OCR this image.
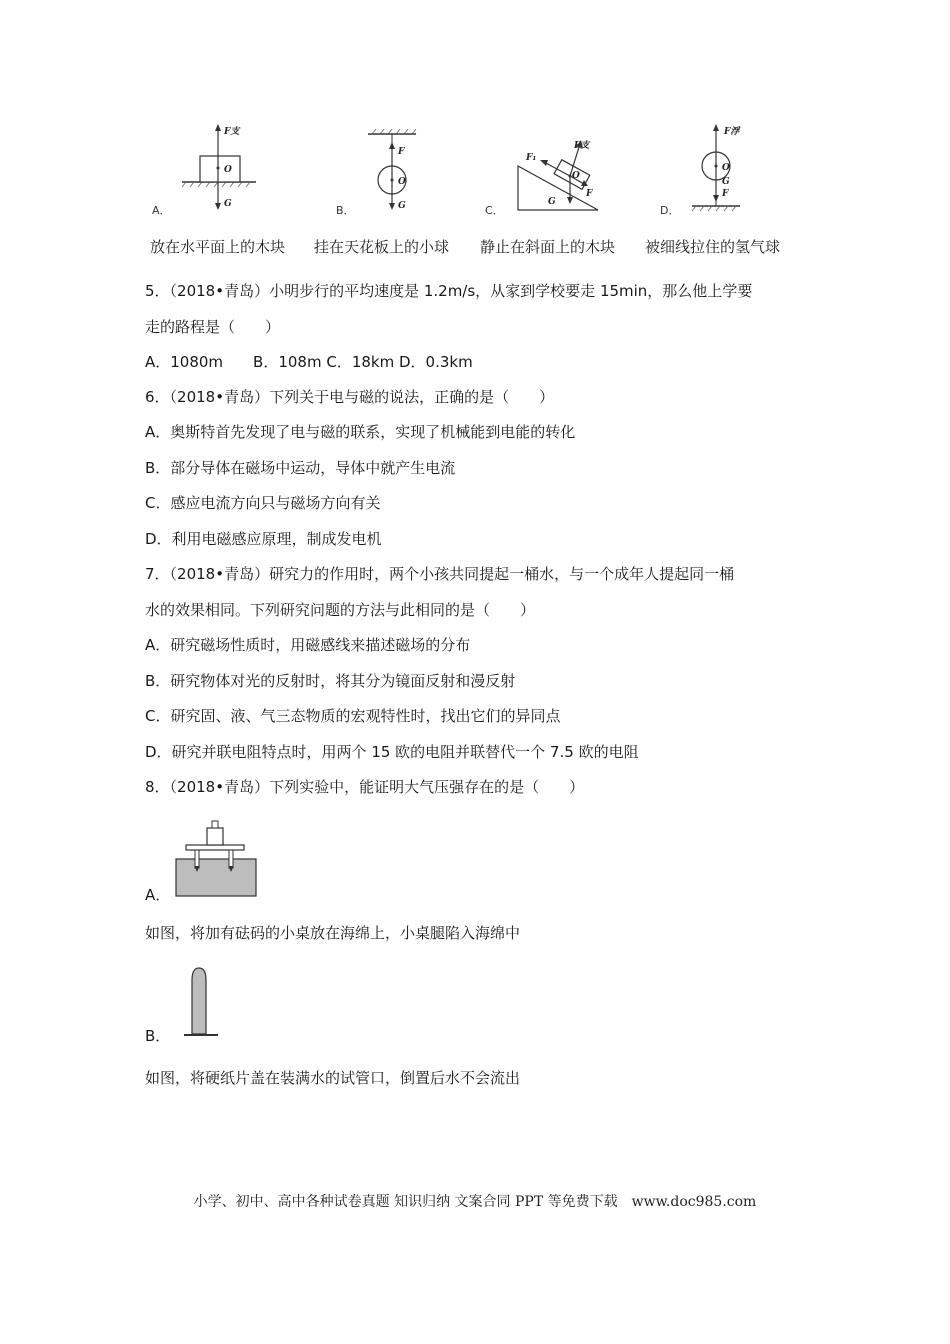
A．
F支
O
G	B．
F
O
G	C．
F₁
F支
O
F
G
D．
F浮
O
G
F
放在水平面上的木块 挂在天花板上的小球 静止在斜面上的木块 被细线拉住的氢气球
5．（2018•青岛）小明步行的平均速度是 1.2m/s，从家到学校要走 15min，那么他上学要
走的路程是（　　）
A．1080m　　B．108m C．18km D．0.3km
6．（2018•青岛）下列关于电与磁的说法，正确的是（　　）
A．奥斯特首先发现了电与磁的联系，实现了机械能到电能的转化
B．部分导体在磁场中运动，导体中就产生电流
C．感应电流方向只与磁场方向有关
D．利用电磁感应原理，制成发电机
7．（2018•青岛）研究力的作用时，两个小孩共同提起一桶水，与一个成年人提起同一桶
水的效果相同。下列研究问题的方法与此相同的是（　　）
A．研究磁场性质时，用磁感线来描述磁场的分布
B．研究物体对光的反射时，将其分为镜面反射和漫反射
C．研究固、液、气三态物质的宏观特性时，找出它们的异同点
D．研究并联电阻特点时，用两个 15 欧的电阻并联替代一个 7.5 欧的电阻
8．（2018•青岛）下列实验中，能证明大气压强存在的是（　　）
A．
如图，将加有砝码的小桌放在海绵上，小桌腿陷入海绵中
B．
如图，将硬纸片盖在装满水的试管口，倒置后水不会流出
小学、初中、高中各种试卷真题 知识归纳 文案合同 PPT 等免费下载　www.doc985.com
